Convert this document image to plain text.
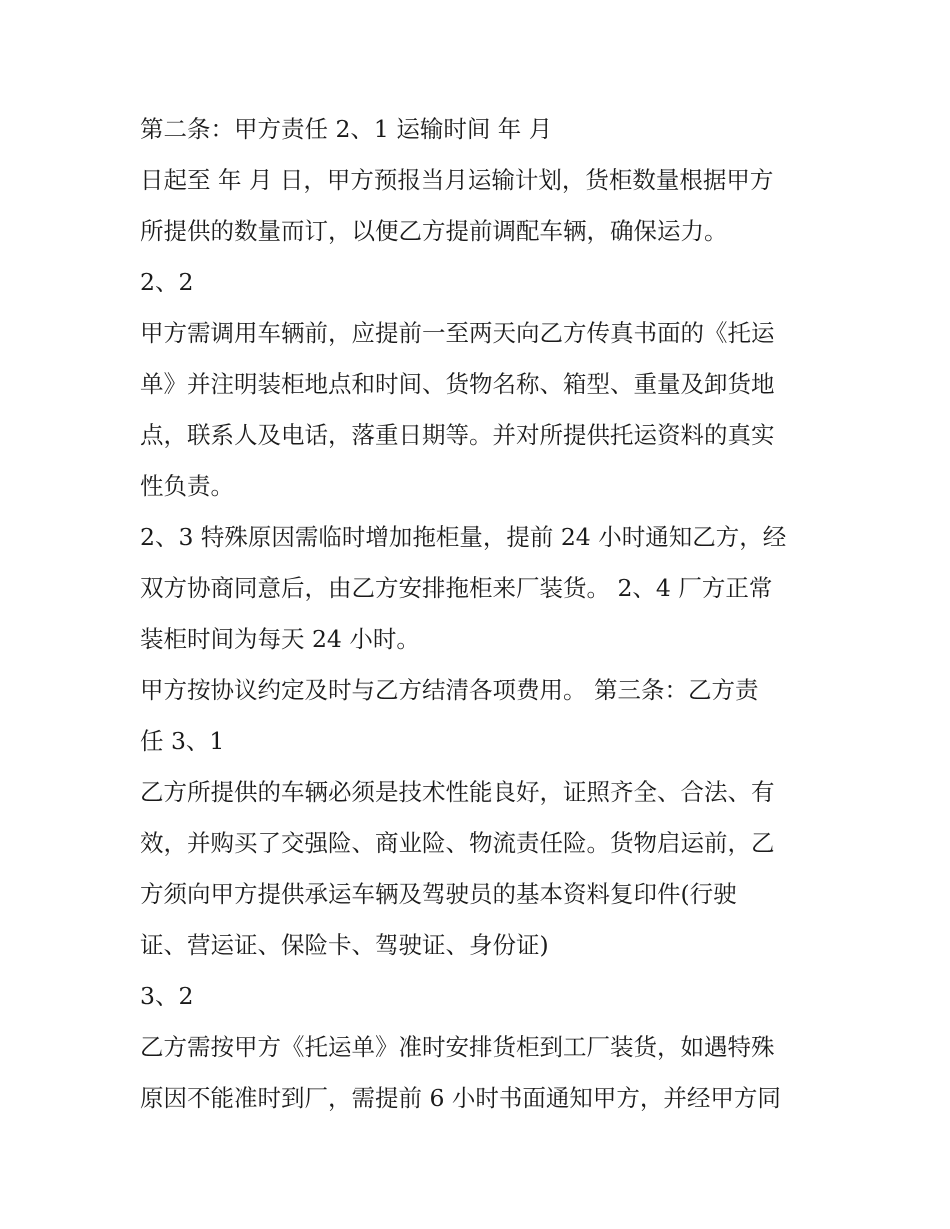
第二条：甲方责任 2、1 运输时间 年 月
日起至 年 月 日，甲方预报当月运输计划，货柜数量根据甲方
所提供的数量而订，以便乙方提前调配车辆，确保运力。
2、2
甲方需调用车辆前，应提前一至两天向乙方传真书面的《托运
单》并注明装柜地点和时间、货物名称、箱型、重量及卸货地
点，联系人及电话，落重日期等。并对所提供托运资料的真实
性负责。
2、3 特殊原因需临时增加拖柜量，提前 24 小时通知乙方，经
双方协商同意后，由乙方安排拖柜来厂装货。 2、4 厂方正常
装柜时间为每天 24 小时。
甲方按协议约定及时与乙方结清各项费用。 第三条：乙方责
任 3、1
乙方所提供的车辆必须是技术性能良好，证照齐全、合法、有
效，并购买了交强险、商业险、物流责任险。货物启运前，乙
方须向甲方提供承运车辆及驾驶员的基本资料复印件(行驶
证、营运证、保险卡、驾驶证、身份证)
3、2
乙方需按甲方《托运单》准时安排货柜到工厂装货，如遇特殊
原因不能准时到厂，需提前 6 小时书面通知甲方，并经甲方同
